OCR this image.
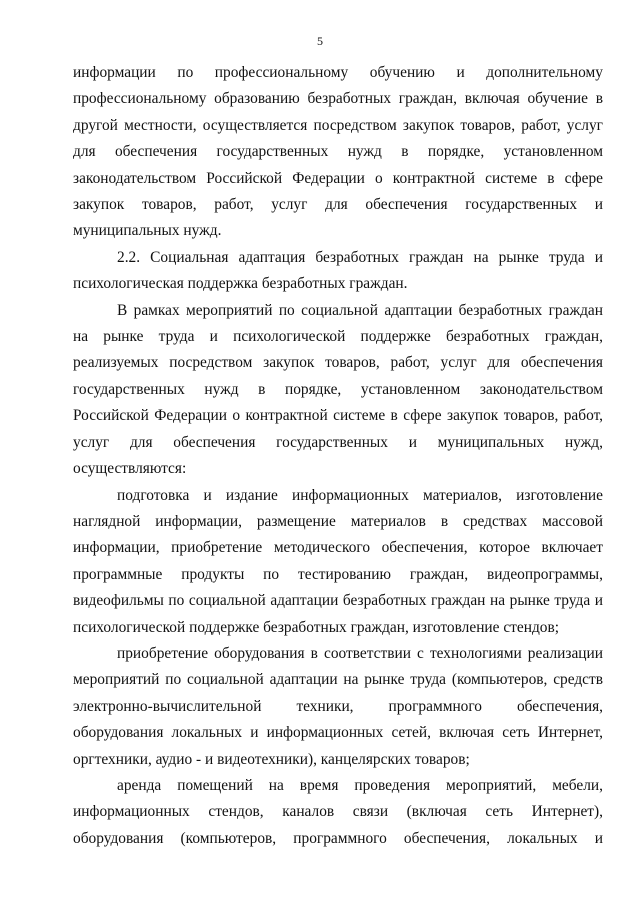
5

информации по профессиональному обучению и дополнительному профессиональному образованию безработных граждан, включая обучение в другой местности, осуществляется посредством закупок товаров, работ, услуг для обеспечения государственных нужд в порядке, установленном законодательством Российской Федерации о контрактной системе в сфере закупок товаров, работ, услуг для обеспечения государственных и муниципальных нужд.

2.2. Социальная адаптация безработных граждан на рынке труда и психологическая поддержка безработных граждан.

В рамках мероприятий по социальной адаптации безработных граждан на рынке труда и психологической поддержке безработных граждан, реализуемых посредством закупок товаров, работ, услуг для обеспечения государственных нужд в порядке, установленном законодательством Российской Федерации о контрактной системе в сфере закупок товаров, работ, услуг для обеспечения государственных и муниципальных нужд, осуществляются:

подготовка и издание информационных материалов, изготовление наглядной информации, размещение материалов в средствах массовой информации, приобретение методического обеспечения, которое включает программные продукты по тестированию граждан, видеопрограммы, видеофильмы по социальной адаптации безработных граждан на рынке труда и психологической поддержке безработных граждан, изготовление стендов;

приобретение оборудования в соответствии с технологиями реализации мероприятий по социальной адаптации на рынке труда (компьютеров, средств электронно-вычислительной техники, программного обеспечения, оборудования локальных и информационных сетей, включая сеть Интернет, оргтехники, аудио - и видеотехники), канцелярских товаров;

аренда помещений на время проведения мероприятий, мебели, информационных стендов, каналов связи (включая сеть Интернет), оборудования (компьютеров, программного обеспечения, локальных и
